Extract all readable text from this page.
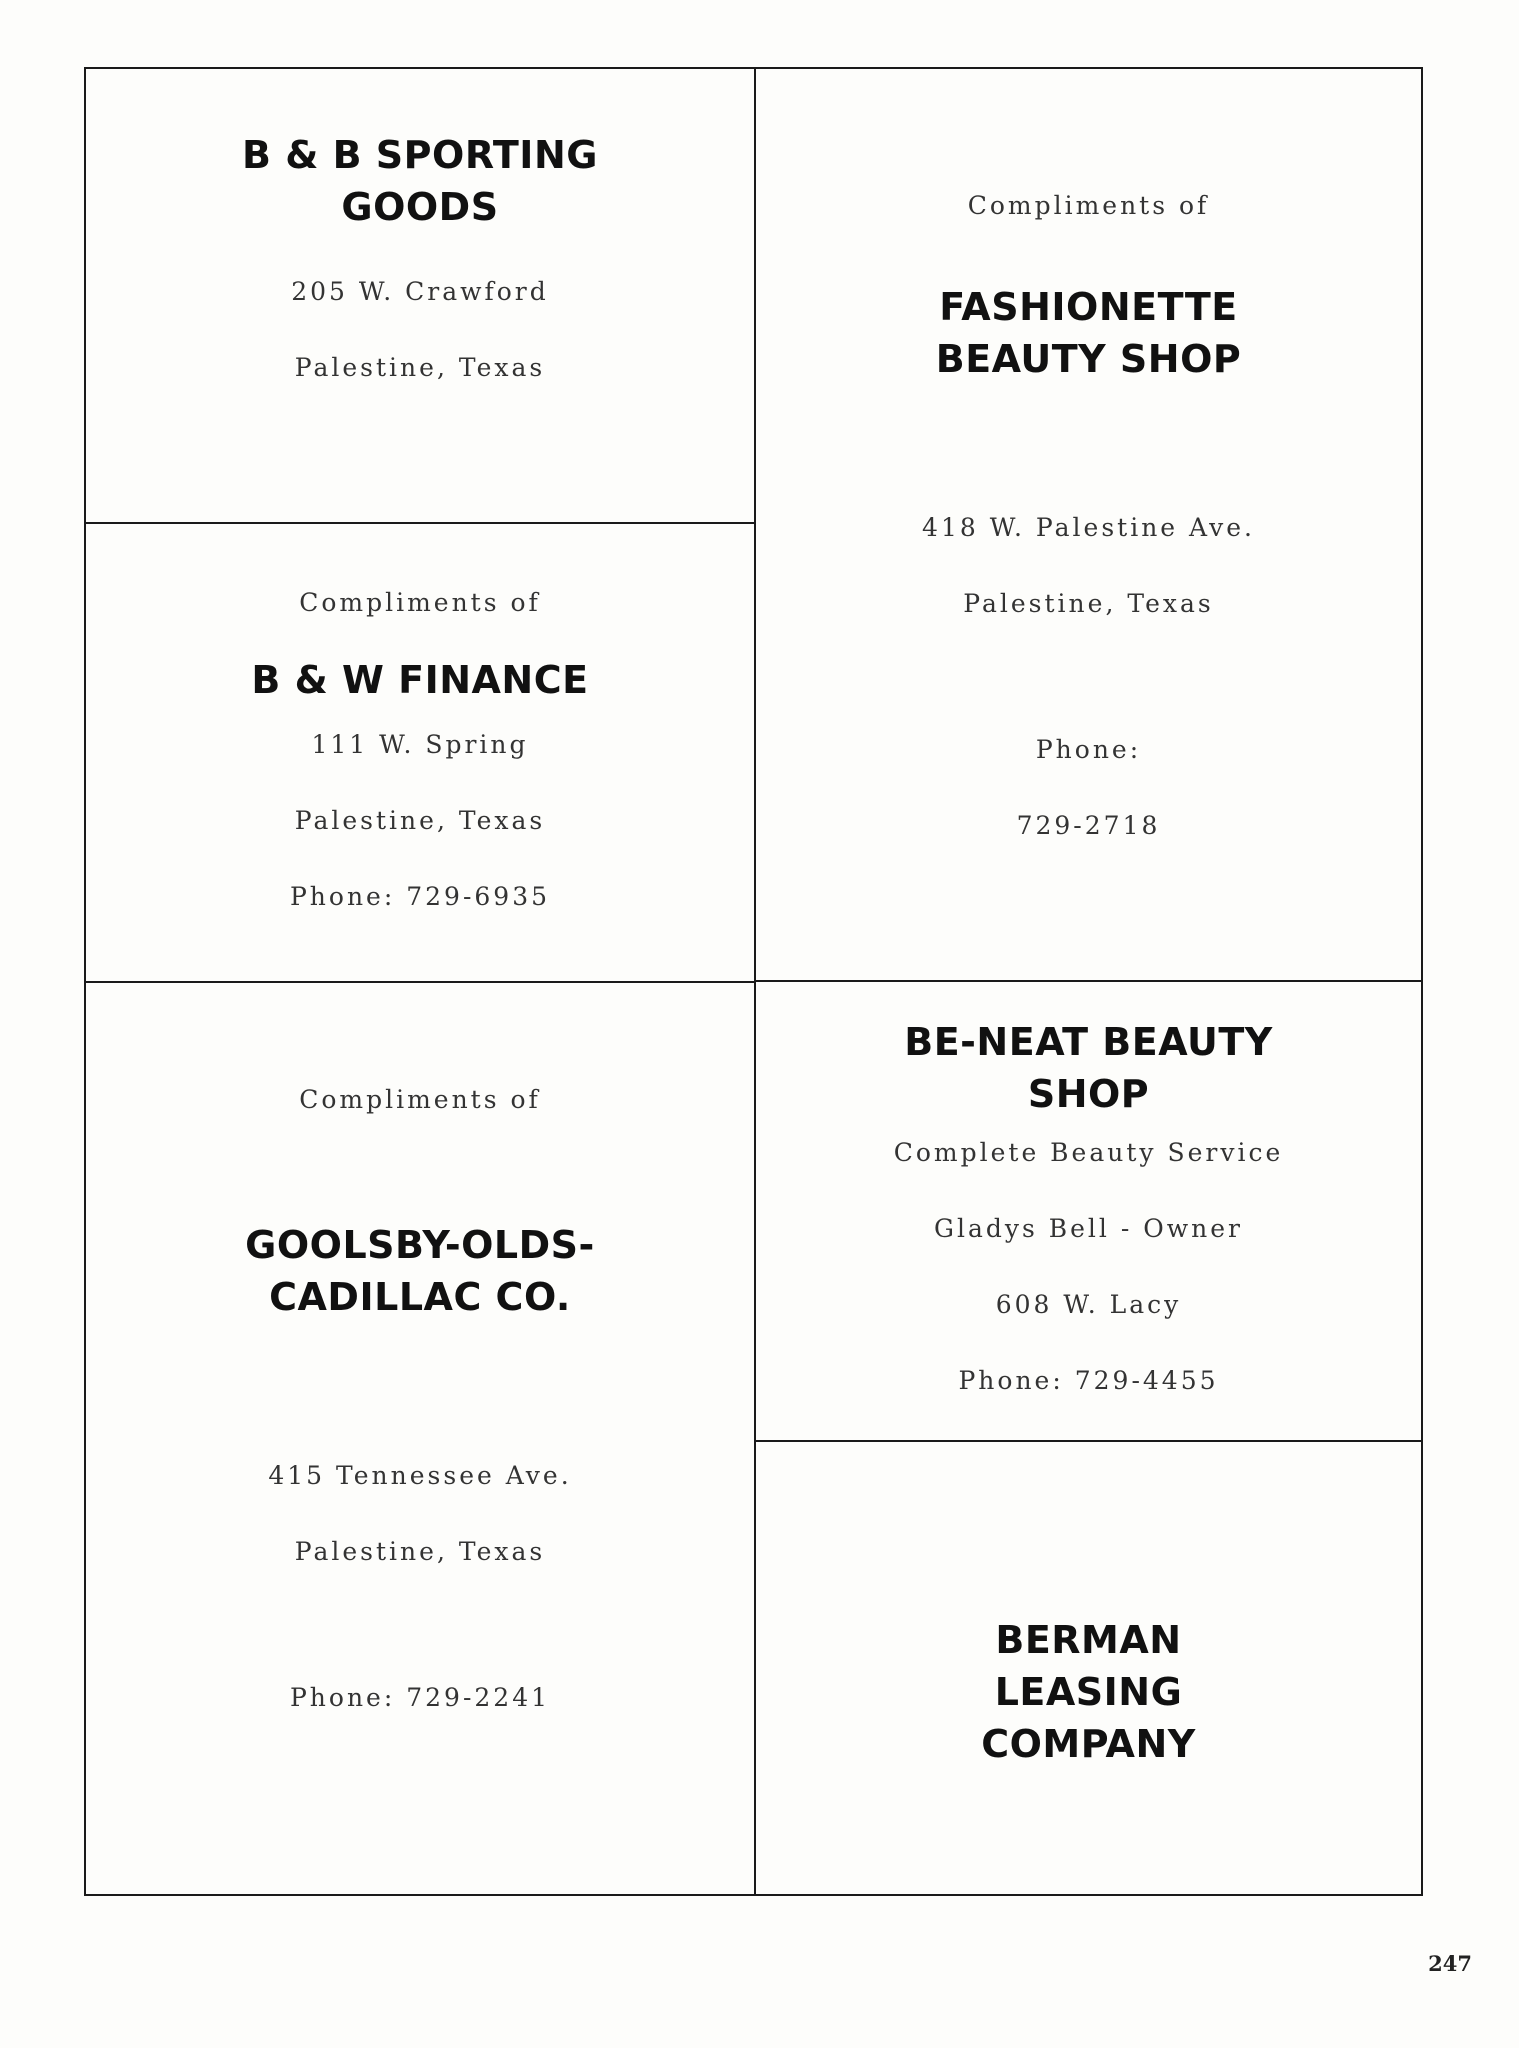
B & B SPORTING
GOODS
205 W. Crawford
Palestine, Texas
Compliments of
B & W FINANCE
111 W. Spring
Palestine, Texas
Phone: 729-6935
Compliments of
GOOLSBY-OLDS-
CADILLAC CO.
415 Tennessee Ave.
Palestine, Texas
Phone: 729-2241
Compliments of
FASHIONETTE
BEAUTY SHOP
418 W. Palestine Ave.
Palestine, Texas
Phone:
729-2718
BE-NEAT BEAUTY
SHOP
Complete Beauty Service
Gladys Bell - Owner
608 W. Lacy
Phone: 729-4455
BERMAN
LEASING
COMPANY
247
